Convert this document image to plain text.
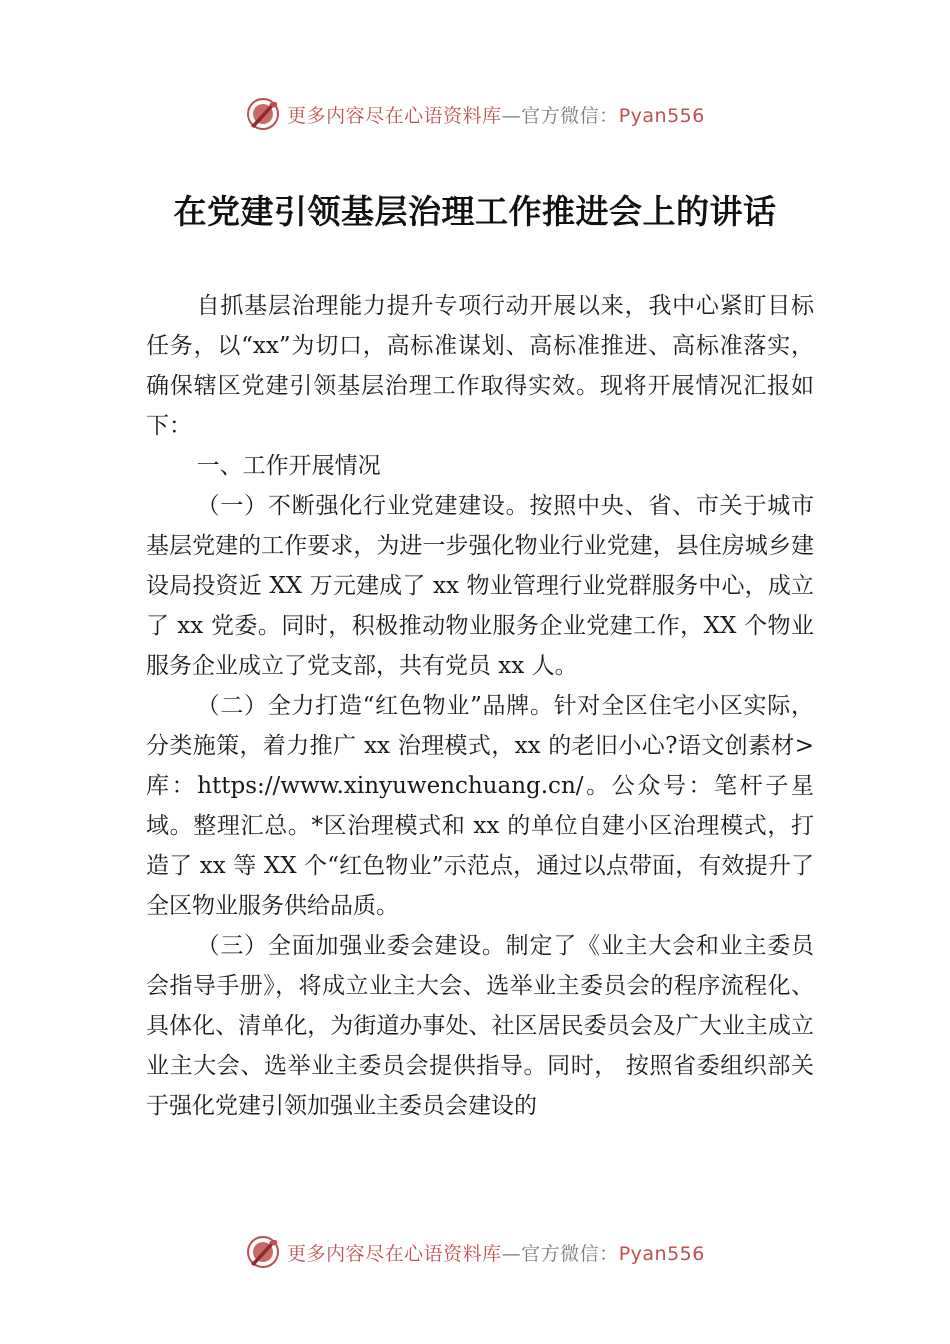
更多内容尽在心语资料库—官方微信：Pyan556
在党建引领基层治理工作推进会上的讲话

自抓基层治理能力提升专项行动开展以来，我中心紧盯目标任务，以“xx”为切口，高标准谋划、高标准推进、高标准落实，确保辖区党建引领基层治理工作取得实效。现将开展情况汇报如下：

一、工作开展情况

（一）不断强化行业党建建设。按照中央、省、市关于城市基层党建的工作要求，为进一步强化物业行业党建，县住房城乡建设局投资近 XX 万元建成了 xx 物业管理行业党群服务中心，成立了 xx 党委。同时，积极推动物业服务企业党建工作，XX 个物业服务企业成立了党支部，共有党员 xx 人。

（二）全力打造“红色物业”品牌。针对全区住宅小区实际，分类施策，着力推广 xx 治理模式，xx 的老旧小心?语文创素材>库：https://www.xinyuwenchuang.cn/。公众号：笔杆子星域。整理汇总。*区治理模式和 xx 的单位自建小区治理模式，打造了 xx 等 XX 个“红色物业”示范点，通过以点带面，有效提升了全区物业服务供给品质。

（三）全面加强业委会建设。制定了《业主大会和业主委员会指导手册》，将成立业主大会、选举业主委员会的程序流程化、具体化、清单化，为街道办事处、社区居民委员会及广大业主成立业主大会、选举业主委员会提供指导。同时， 按照省委组织部关于强化党建引领加强业主委员会建设的

更多内容尽在心语资料库—官方微信：Pyan556
